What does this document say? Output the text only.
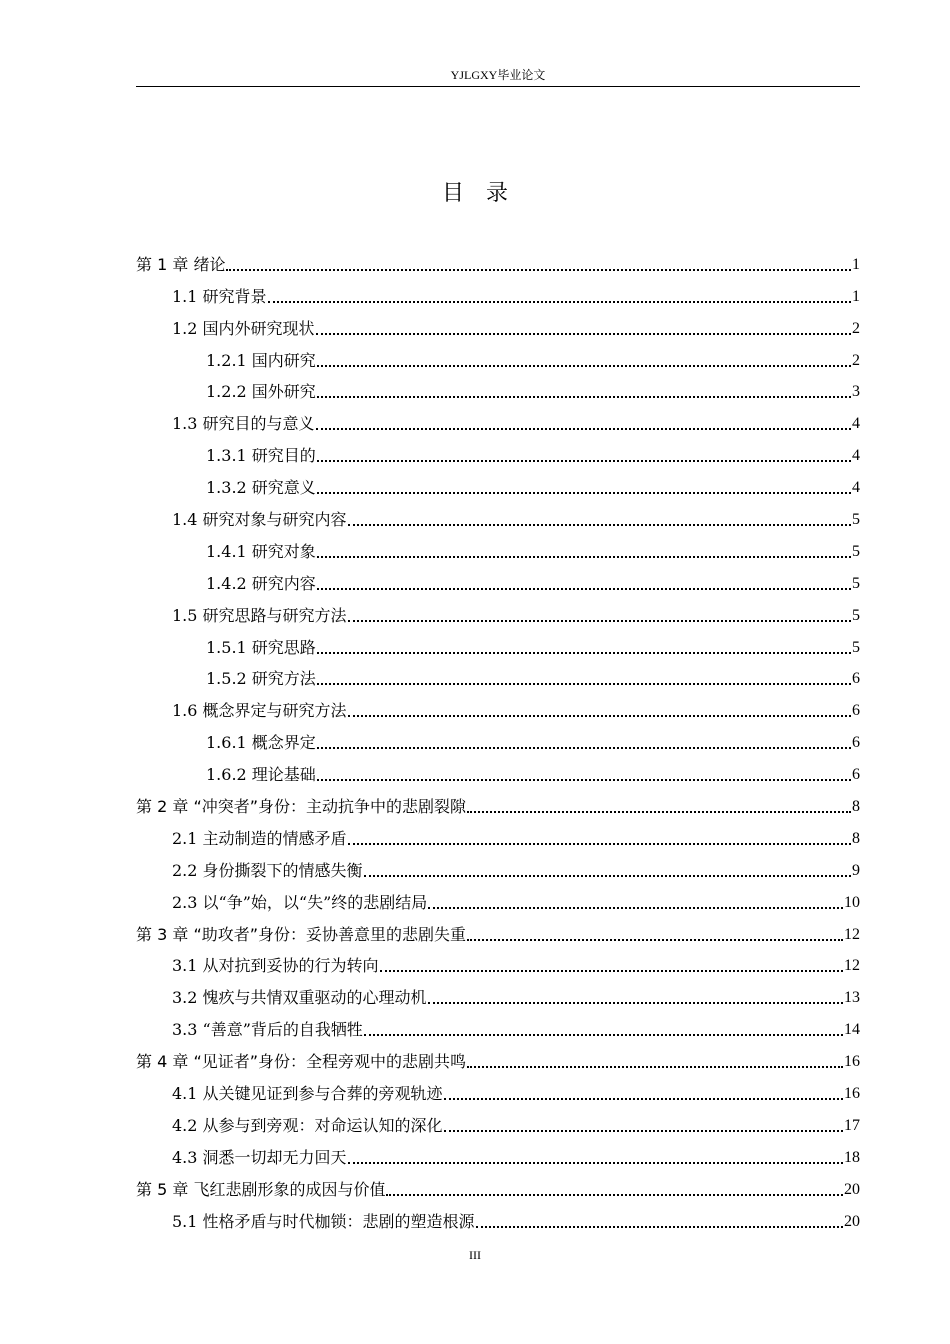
YJLGXY毕业论文
目录
第 1 章 绪论	1
1.1 研究背景	1
1.2 国内外研究现状	2
1.2.1 国内研究	2
1.2.2 国外研究	3
1.3 研究目的与意义	4
1.3.1 研究目的	4
1.3.2 研究意义	4
1.4 研究对象与研究内容	5
1.4.1 研究对象	5
1.4.2 研究内容	5
1.5 研究思路与研究方法	5
1.5.1 研究思路	5
1.5.2 研究方法	6
1.6 概念界定与研究方法	6
1.6.1 概念界定	6
1.6.2 理论基础	6
第 2 章 “冲突者”身份：主动抗争中的悲剧裂隙	8
2.1 主动制造的情感矛盾	8
2.2 身份撕裂下的情感失衡	9
2.3 以“争”始，以“失”终的悲剧结局	10
第 3 章 “助攻者”身份：妥协善意里的悲剧失重	12
3.1 从对抗到妥协的行为转向	12
3.2 愧疚与共情双重驱动的心理动机	13
3.3 “善意”背后的自我牺牲	14
第 4 章 “见证者”身份：全程旁观中的悲剧共鸣	16
4.1 从关键见证到参与合葬的旁观轨迹	16
4.2 从参与到旁观：对命运认知的深化	17
4.3 洞悉一切却无力回天	18
第 5 章 飞红悲剧形象的成因与价值	20
5.1 性格矛盾与时代枷锁：悲剧的塑造根源	20
III
